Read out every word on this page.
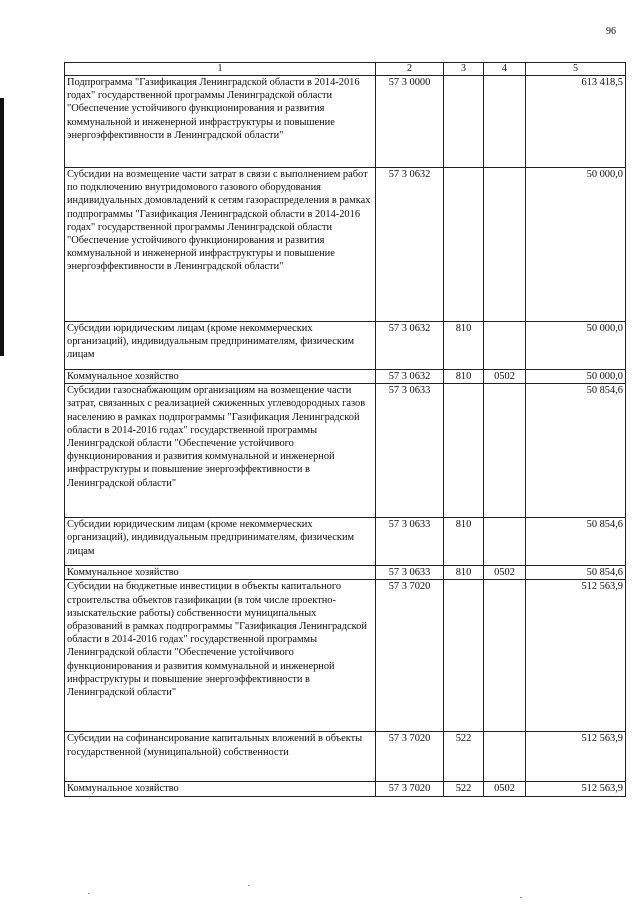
96
1	2	3	4	5
Подпрограмма "Газификация Ленинградской области в 2014-2016 годах" государственной программы Ленинградской области "Обеспечение устойчивого функционирования и развития коммунальной и инженерной инфраструктуры и повышение энергоэффективности в Ленинградской области"	57 3 0000			613 418,5
Субсидии на возмещение части затрат в связи с выполнением работ по подключению внутридомового газового оборудования индивидуальных домовладений к сетям газораспределения в рамках подпрограммы "Газификация Ленинградской области в 2014-2016 годах" государственной программы Ленинградской области "Обеспечение устойчивого функционирования и развития коммунальной и инженерной инфраструктуры и повышение энергоэффективности в Ленинградской области"	57 3 0632			50 000,0
Субсидии юридическим лицам (кроме некоммерческих организаций), индивидуальным предпринимателям, физическим лицам	57 3 0632	810		50 000,0
Коммунальное хозяйство	57 3 0632	810	0502	50 000,0
Субсидии газоснабжающим организациям на возмещение части затрат, связанных с реализацией сжиженных углеводородных газов населению в рамках подпрограммы "Газификация Ленинградской области в 2014-2016 годах" государственной программы Ленинградской области "Обеспечение устойчивого функционирования и развития коммунальной и инженерной инфраструктуры и повышение энергоэффективности в Ленинградской области"	57 3 0633			50 854,6
Субсидии юридическим лицам (кроме некоммерческих организаций), индивидуальным предпринимателям, физическим лицам	57 3 0633	810		50 854,6
Коммунальное хозяйство	57 3 0633	810	0502	50 854,6
Субсидии на бюджетные инвестиции в объекты капитального строительства объектов газификации (в том числе проектно-изыскательские работы) собственности муниципальных образований в рамках подпрограммы "Газификация Ленинградской области в 2014-2016 годах" государственной программы Ленинградской области "Обеспечение устойчивого функционирования и развития коммунальной и инженерной инфраструктуры и повышение энергоэффективности в Ленинградской области"	57 3 7020			512 563,9
Субсидии на софинансирование капитальных вложений в объекты государственной (муниципальной) собственности	57 3 7020	522		512 563,9
Коммунальное хозяйство	57 3 7020	522	0502	512 563,9
